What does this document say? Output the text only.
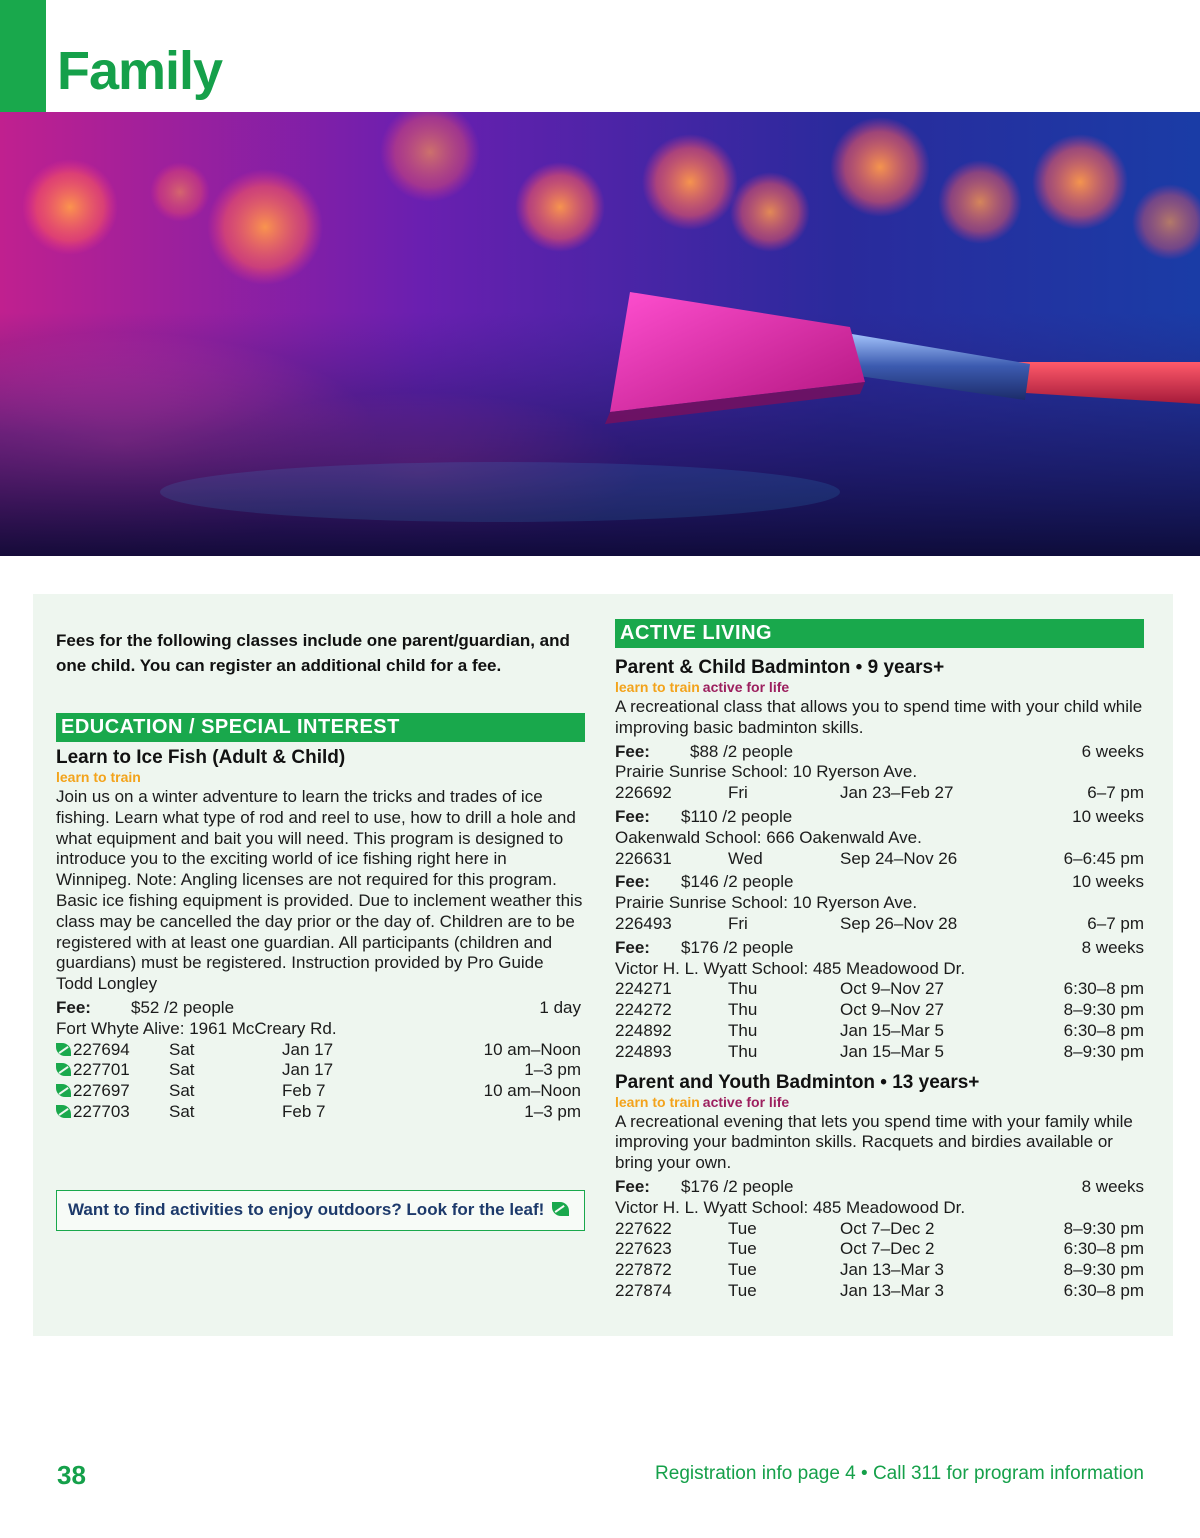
Family

Fees for the following classes include one parent/guardian, and one child. You can register an additional child for a fee.

EDUCATION / SPECIAL INTEREST
Learn to Ice Fish (Adult & Child)
learn to train

Join us on a winter adventure to learn the tricks and trades of ice fishing. Learn what type of rod and reel to use, how to drill a hole and what equipment and bait you will need. This program is designed to introduce you to the exciting world of ice fishing right here in Winnipeg. Note: Angling licenses are not required for this program. Basic ice fishing equipment is provided. Due to inclement weather this class may be cancelled the day prior or the day of. Children are to be registered with at least one guardian. All participants (children and guardians) must be registered. Instruction provided by Pro Guide Todd Longley

Fee: $52 /2 people	1 day
Fort Whyte Alive: 1961 McCreary Rd.
227694 Sat	Jan 17	10 am–Noon
227701 Sat	Jan 17	1–3 pm
227697 Sat	Feb 7	10 am–Noon
227703 Sat	Feb 7	1–3 pm
Want to find activities to enjoy outdoors? Look for the leaf!
ACTIVE LIVING
Parent & Child Badminton • 9 years+
learn to train active for life

A recreational class that allows you to spend time with your child while improving basic badminton skills.

Fee: $88 /2 people	6 weeks
Prairie Sunrise School: 10 Ryerson Ave.
226692	Fri	Jan 23–Feb 27	6–7 pm
Fee: $110 /2 people	10 weeks
Oakenwald School: 666 Oakenwald Ave.
226631	Wed	Sep 24–Nov 26	6–6:45 pm
Fee: $146 /2 people	10 weeks
Prairie Sunrise School: 10 Ryerson Ave.
226493	Fri	Sep 26–Nov 28	6–7 pm
Fee: $176 /2 people	8 weeks
Victor H. L. Wyatt School: 485 Meadowood Dr.
224271	Thu	Oct 9–Nov 27	6:30–8 pm
224272	Thu	Oct 9–Nov 27	8–9:30 pm
224892	Thu	Jan 15–Mar 5	6:30–8 pm
224893	Thu	Jan 15–Mar 5	8–9:30 pm
Parent and Youth Badminton • 13 years+
learn to train active for life

A recreational evening that lets you spend time with your family while improving your badminton skills. Racquets and birdies available or bring your own.

Fee: $176 /2 people	8 weeks
Victor H. L. Wyatt School: 485 Meadowood Dr.
227622	Tue	Oct 7–Dec 2	8–9:30 pm
227623	Tue	Oct 7–Dec 2	6:30–8 pm
227872	Tue	Jan 13–Mar 3	8–9:30 pm
227874	Tue	Jan 13–Mar 3	6:30–8 pm
38	Registration info page 4 • Call 311 for program information
